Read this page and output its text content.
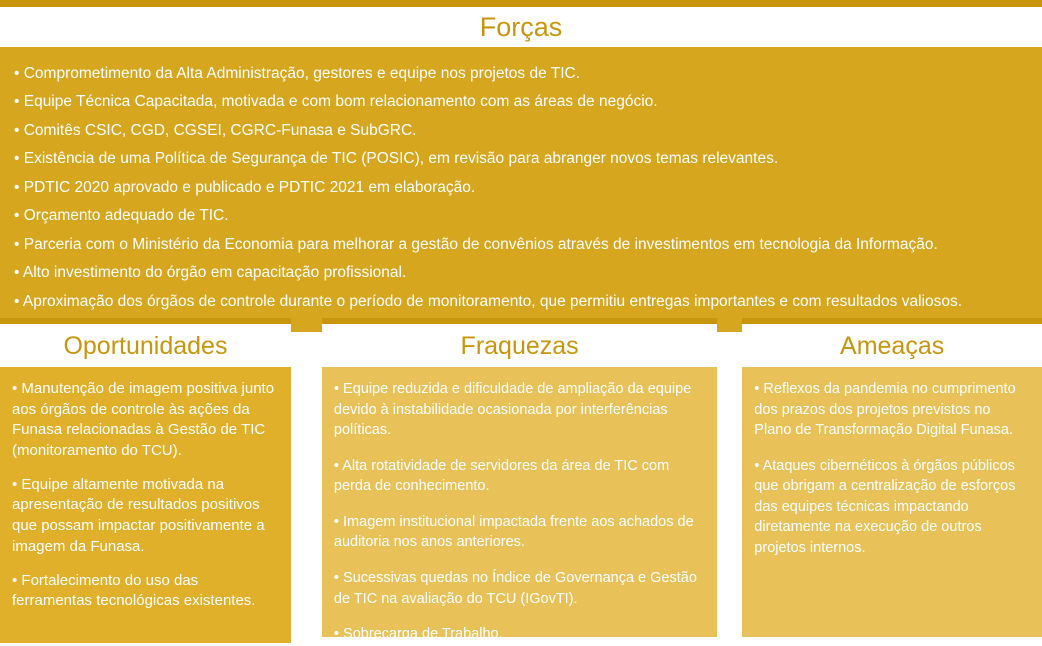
Forças
• Comprometimento da Alta Administração, gestores e equipe nos projetos de TIC.
• Equipe Técnica Capacitada, motivada e com bom relacionamento com as áreas de negócio.
• Comitês CSIC, CGD, CGSEI, CGRC-Funasa e SubGRC.
• Existência de uma Política de Segurança de TIC (POSIC), em revisão para abranger novos temas relevantes.
• PDTIC 2020 aprovado e publicado e PDTIC 2021 em elaboração.
• Orçamento adequado de TIC.
• Parceria com o Ministério da Economia para melhorar a gestão de convênios através de investimentos em tecnologia da Informação.
• Alto investimento do órgão em capacitação profissional.
• Aproximação dos órgãos de controle durante o período de monitoramento, que permitiu entregas importantes e com resultados valiosos.
Oportunidades
• Manutenção de imagem positiva junto aos órgãos de controle às ações da Funasa relacionadas à Gestão de TIC (monitoramento do TCU).
• Equipe altamente motivada na apresentação de resultados positivos que possam impactar positivamente a imagem da Funasa.
• Fortalecimento do uso das ferramentas tecnológicas existentes.
Fraquezas
• Equipe reduzida e dificuldade de ampliação da equipe devido à instabilidade ocasionada por interferências políticas.
• Alta rotatividade de servidores da área de TIC com perda de conhecimento.
• Imagem institucional impactada frente aos achados de auditoria nos anos anteriores.
• Sucessivas quedas no Índice de Governança e Gestão de TIC na avaliação do TCU (IGovTI).
• Sobrecarga de Trabalho.
Ameaças
• Reflexos da pandemia no cumprimento dos prazos dos projetos previstos no Plano de Transformação Digital Funasa.
• Ataques cibernéticos à órgãos públicos que obrigam a centralização de esforços das equipes técnicas impactando diretamente na execução de outros projetos internos.
